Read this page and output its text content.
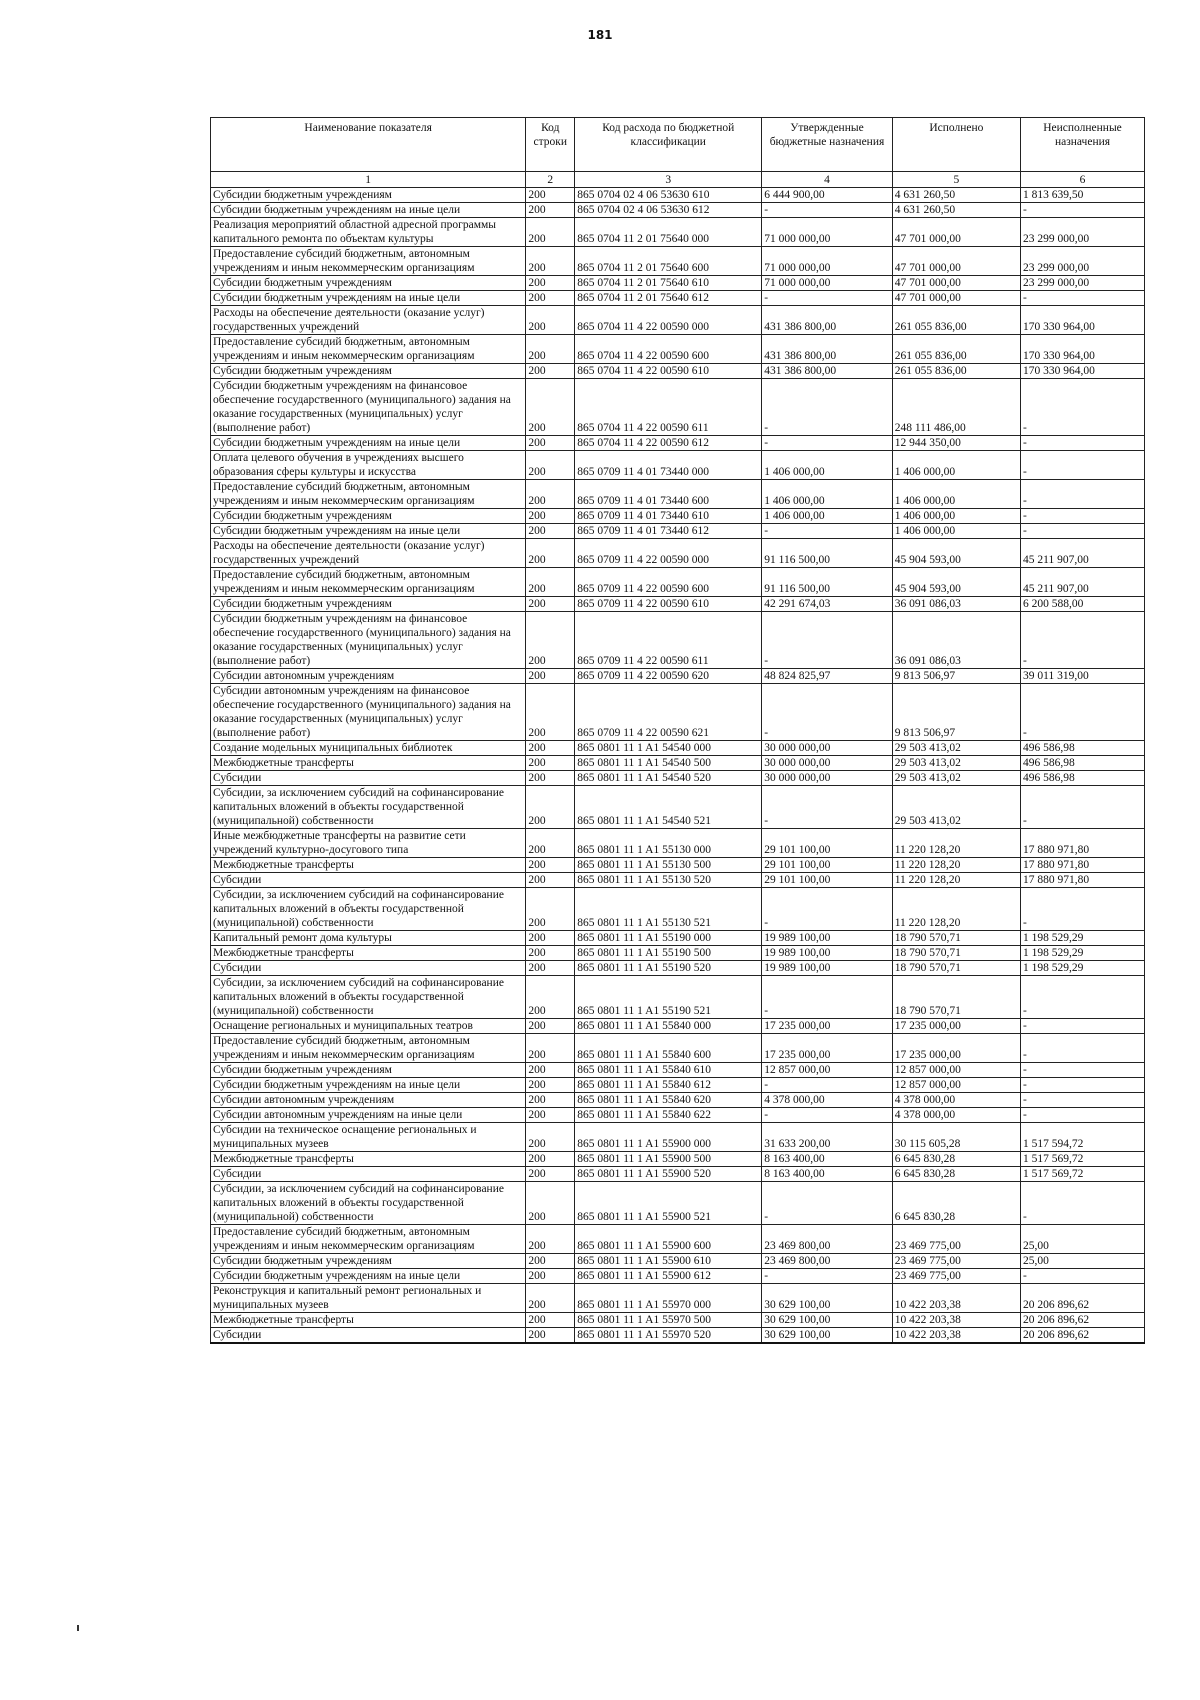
181
Наименование показателя	Код строки	Код расхода по бюджетной классификации	Утвержденные бюджетные назначения	Исполнено	Неисполненные назначения
1	2	3	4	5	6
Субсидии бюджетным учреждениям	200	865 0704 02 4 06 53630 610	6 444 900,00	4 631 260,50	1 813 639,50
Субсидии бюджетным учреждениям на иные цели	200	865 0704 02 4 06 53630 612	-	4 631 260,50	-
Реализация мероприятий областной адресной программы капитального ремонта по объектам культуры	200	865 0704 11 2 01 75640 000	71 000 000,00	47 701 000,00	23 299 000,00
Предоставление субсидий бюджетным, автономным учреждениям и иным некоммерческим организациям	200	865 0704 11 2 01 75640 600	71 000 000,00	47 701 000,00	23 299 000,00
Субсидии бюджетным учреждениям	200	865 0704 11 2 01 75640 610	71 000 000,00	47 701 000,00	23 299 000,00
Субсидии бюджетным учреждениям на иные цели	200	865 0704 11 2 01 75640 612	-	47 701 000,00	-
Расходы на обеспечение деятельности (оказание услуг) государственных учреждений	200	865 0704 11 4 22 00590 000	431 386 800,00	261 055 836,00	170 330 964,00
Предоставление субсидий бюджетным, автономным учреждениям и иным некоммерческим организациям	200	865 0704 11 4 22 00590 600	431 386 800,00	261 055 836,00	170 330 964,00
Субсидии бюджетным учреждениям	200	865 0704 11 4 22 00590 610	431 386 800,00	261 055 836,00	170 330 964,00
Субсидии бюджетным учреждениям на финансовое обеспечение государственного (муниципального) задания на оказание государственных (муниципальных) услуг (выполнение работ)	200	865 0704 11 4 22 00590 611	-	248 111 486,00	-
Субсидии бюджетным учреждениям на иные цели	200	865 0704 11 4 22 00590 612	-	12 944 350,00	-
Оплата целевого обучения в учреждениях высшего образования сферы культуры и искусства	200	865 0709 11 4 01 73440 000	1 406 000,00	1 406 000,00	-
Предоставление субсидий бюджетным, автономным учреждениям и иным некоммерческим организациям	200	865 0709 11 4 01 73440 600	1 406 000,00	1 406 000,00	-
Субсидии бюджетным учреждениям	200	865 0709 11 4 01 73440 610	1 406 000,00	1 406 000,00	-
Субсидии бюджетным учреждениям на иные цели	200	865 0709 11 4 01 73440 612	-	1 406 000,00	-
Расходы на обеспечение деятельности (оказание услуг) государственных учреждений	200	865 0709 11 4 22 00590 000	91 116 500,00	45 904 593,00	45 211 907,00
Предоставление субсидий бюджетным, автономным учреждениям и иным некоммерческим организациям	200	865 0709 11 4 22 00590 600	91 116 500,00	45 904 593,00	45 211 907,00
Субсидии бюджетным учреждениям	200	865 0709 11 4 22 00590 610	42 291 674,03	36 091 086,03	6 200 588,00
Субсидии бюджетным учреждениям на финансовое обеспечение государственного (муниципального) задания на оказание государственных (муниципальных) услуг (выполнение работ)	200	865 0709 11 4 22 00590 611	-	36 091 086,03	-
Субсидии автономным учреждениям	200	865 0709 11 4 22 00590 620	48 824 825,97	9 813 506,97	39 011 319,00
Субсидии автономным учреждениям на финансовое обеспечение государственного (муниципального) задания на оказание государственных (муниципальных) услуг (выполнение работ)	200	865 0709 11 4 22 00590 621	-	9 813 506,97	-
Создание модельных муниципальных библиотек	200	865 0801 11 1 A1 54540 000	30 000 000,00	29 503 413,02	496 586,98
Межбюджетные трансферты	200	865 0801 11 1 A1 54540 500	30 000 000,00	29 503 413,02	496 586,98
Субсидии	200	865 0801 11 1 A1 54540 520	30 000 000,00	29 503 413,02	496 586,98
Субсидии, за исключением субсидий на софинансирование капитальных вложений в объекты государственной (муниципальной) собственности	200	865 0801 11 1 A1 54540 521	-	29 503 413,02	-
Иные межбюджетные трансферты на развитие сети учреждений культурно-досугового типа	200	865 0801 11 1 A1 55130 000	29 101 100,00	11 220 128,20	17 880 971,80
Межбюджетные трансферты	200	865 0801 11 1 A1 55130 500	29 101 100,00	11 220 128,20	17 880 971,80
Субсидии	200	865 0801 11 1 A1 55130 520	29 101 100,00	11 220 128,20	17 880 971,80
Субсидии, за исключением субсидий на софинансирование капитальных вложений в объекты государственной (муниципальной) собственности	200	865 0801 11 1 A1 55130 521	-	11 220 128,20	-
Капитальный ремонт дома культуры	200	865 0801 11 1 A1 55190 000	19 989 100,00	18 790 570,71	1 198 529,29
Межбюджетные трансферты	200	865 0801 11 1 A1 55190 500	19 989 100,00	18 790 570,71	1 198 529,29
Субсидии	200	865 0801 11 1 A1 55190 520	19 989 100,00	18 790 570,71	1 198 529,29
Субсидии, за исключением субсидий на софинансирование капитальных вложений в объекты государственной (муниципальной) собственности	200	865 0801 11 1 A1 55190 521	-	18 790 570,71	-
Оснащение региональных и муниципальных театров	200	865 0801 11 1 A1 55840 000	17 235 000,00	17 235 000,00	-
Предоставление субсидий бюджетным, автономным учреждениям и иным некоммерческим организациям	200	865 0801 11 1 A1 55840 600	17 235 000,00	17 235 000,00	-
Субсидии бюджетным учреждениям	200	865 0801 11 1 A1 55840 610	12 857 000,00	12 857 000,00	-
Субсидии бюджетным учреждениям на иные цели	200	865 0801 11 1 A1 55840 612	-	12 857 000,00	-
Субсидии автономным учреждениям	200	865 0801 11 1 A1 55840 620	4 378 000,00	4 378 000,00	-
Субсидии автономным учреждениям на иные цели	200	865 0801 11 1 A1 55840 622	-	4 378 000,00	-
Субсидии на техническое оснащение региональных и муниципальных музеев	200	865 0801 11 1 A1 55900 000	31 633 200,00	30 115 605,28	1 517 594,72
Межбюджетные трансферты	200	865 0801 11 1 A1 55900 500	8 163 400,00	6 645 830,28	1 517 569,72
Субсидии	200	865 0801 11 1 A1 55900 520	8 163 400,00	6 645 830,28	1 517 569,72
Субсидии, за исключением субсидий на софинансирование капитальных вложений в объекты государственной (муниципальной) собственности	200	865 0801 11 1 A1 55900 521	-	6 645 830,28	-
Предоставление субсидий бюджетным, автономным учреждениям и иным некоммерческим организациям	200	865 0801 11 1 A1 55900 600	23 469 800,00	23 469 775,00	25,00
Субсидии бюджетным учреждениям	200	865 0801 11 1 A1 55900 610	23 469 800,00	23 469 775,00	25,00
Субсидии бюджетным учреждениям на иные цели	200	865 0801 11 1 A1 55900 612	-	23 469 775,00	-
Реконструкция и капитальный ремонт региональных и муниципальных музеев	200	865 0801 11 1 A1 55970 000	30 629 100,00	10 422 203,38	20 206 896,62
Межбюджетные трансферты	200	865 0801 11 1 A1 55970 500	30 629 100,00	10 422 203,38	20 206 896,62
Субсидии	200	865 0801 11 1 A1 55970 520	30 629 100,00	10 422 203,38	20 206 896,62
